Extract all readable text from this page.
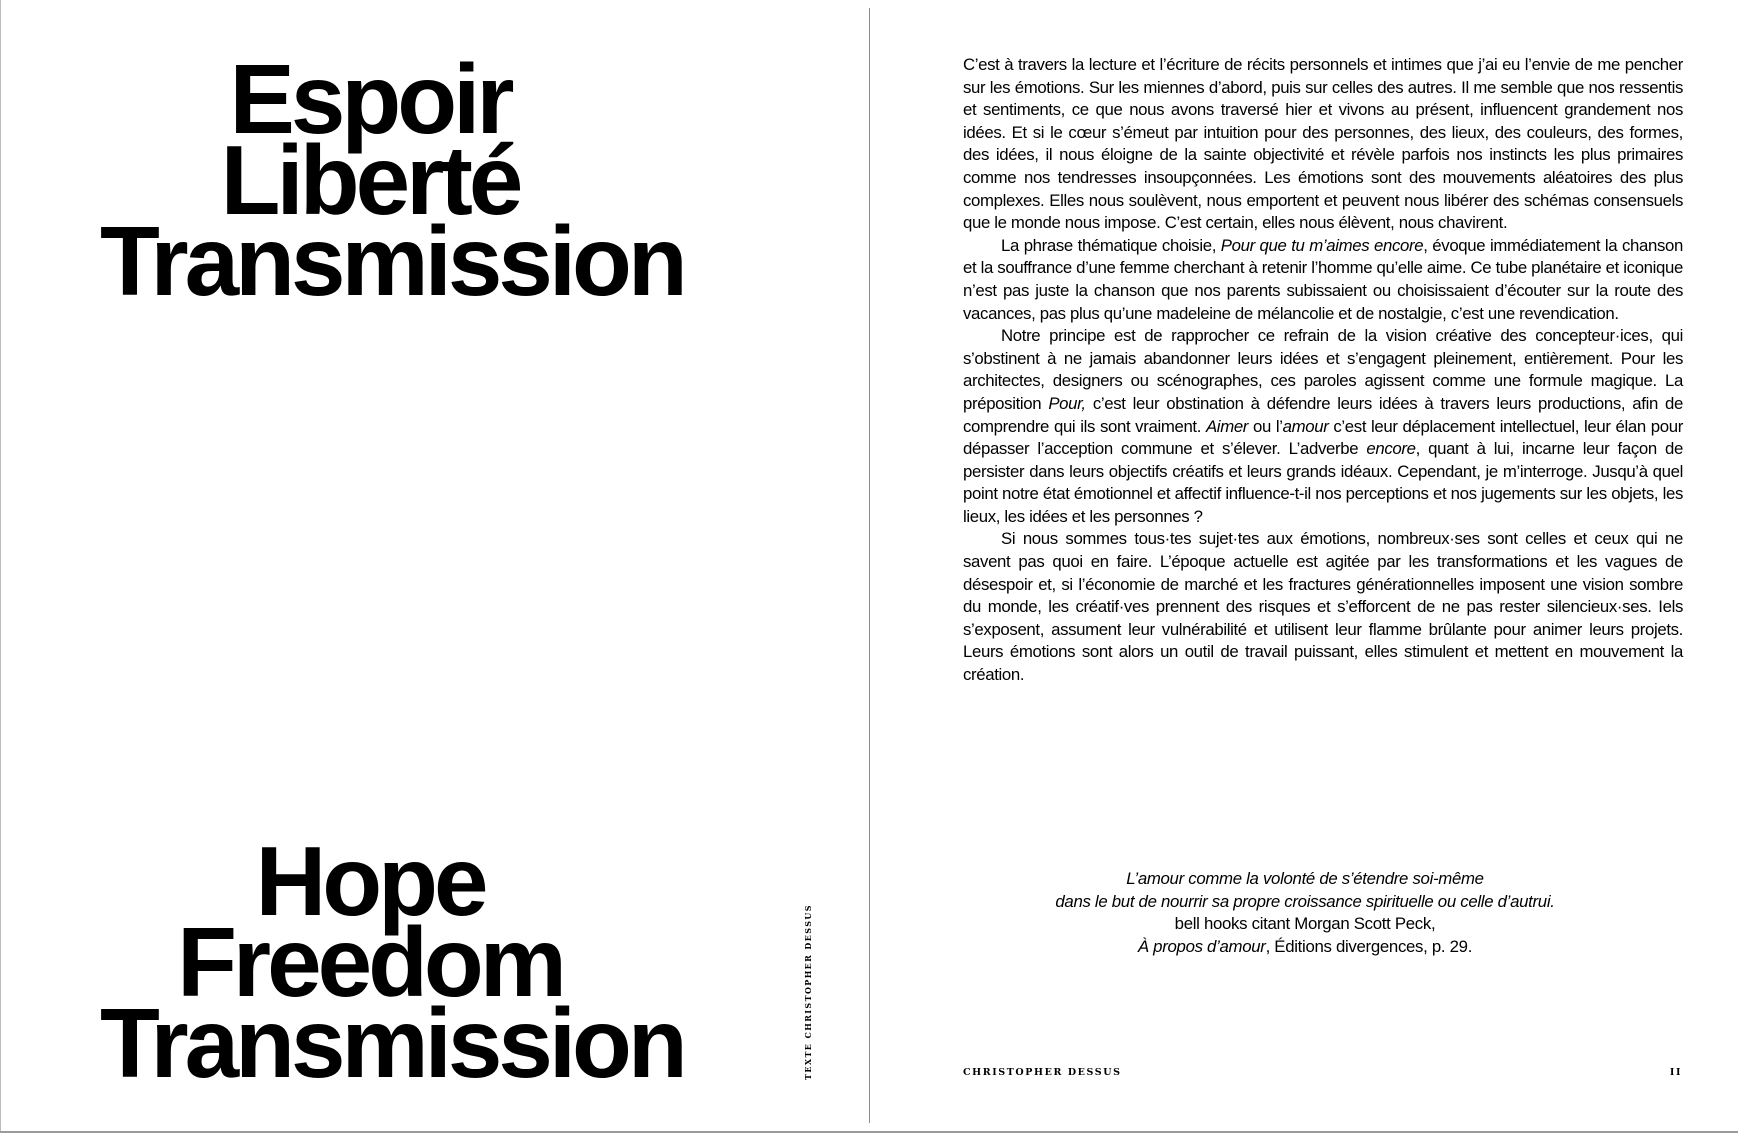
Espoir
Liberté
Transmission
Hope
Freedom
Transmission	TEXTE CHRISTOPHER DESSUS

C’est à travers la lecture et l’écriture de récits personnels et intimes que j’ai eu l’envie de me pencher sur les émotions. Sur les miennes d’abord, puis sur celles des autres. Il me semble que nos ressentis et sentiments, ce que nous avons traversé hier et vivons au présent, influencent grandement nos idées. Et si le cœur s’émeut par intuition pour des personnes, des lieux, des couleurs, des formes, des idées, il nous éloigne de la sainte objectivité et révèle parfois nos instincts les plus primaires comme nos tendresses insoupçonnées. Les émotions sont des mouvements aléatoires des plus complexes. Elles nous soulèvent, nous emportent et peuvent nous libérer des schémas consensuels que le monde nous impose. C’est certain, elles nous élèvent, nous chavirent.

La phrase thématique choisie, Pour que tu m’aimes encore, évoque immédiatement la chanson et la souffrance d’une femme cherchant à retenir l’homme qu’elle aime. Ce tube planétaire et iconique n’est pas juste la chanson que nos parents subissaient ou choisissaient d’écouter sur la route des vacances, pas plus qu’une madeleine de mélancolie et de nostalgie, c’est une revendication.

Notre principe est de rapprocher ce refrain de la vision créative des concepteur·ices, qui s’obstinent à ne jamais abandonner leurs idées et s’engagent pleinement, entièrement. Pour les architectes, designers ou scénographes, ces paroles agissent comme une formule magique. La préposition Pour, c’est leur obstination à défendre leurs idées à travers leurs productions, afin de comprendre qui ils sont vraiment. Aimer ou l’amour c’est leur déplacement intellectuel, leur élan pour dépasser l’acception commune et s’élever. L’adverbe encore, quant à lui, incarne leur façon de persister dans leurs objectifs créatifs et leurs grands idéaux. Cependant, je m’interroge. Jusqu’à quel point notre état émotionnel et affectif influence-t-il nos perceptions et nos jugements sur les objets, les lieux, les idées et les personnes ?

Si nous sommes tous·tes sujet·tes aux émotions, nombreux·ses sont celles et ceux qui ne savent pas quoi en faire. L’époque actuelle est agitée par les transformations et les vagues de désespoir et, si l’économie de marché et les fractures générationnelles imposent une vision sombre du monde, les créatif·ves prennent des risques et s’efforcent de ne pas rester silencieux·ses. Iels s’exposent, assument leur vulnérabilité et utilisent leur flamme brûlante pour animer leurs projets. Leurs émotions sont alors un outil de travail puissant, elles stimulent et mettent en mouvement la création.

L’amour comme la volonté de s’étendre soi-même
dans le but de nourrir sa propre croissance spirituelle ou celle d’autrui.
bell hooks citant Morgan Scott Peck,
À propos d’amour, Éditions divergences, p. 29.
CHRISTOPHER DESSUS	II
